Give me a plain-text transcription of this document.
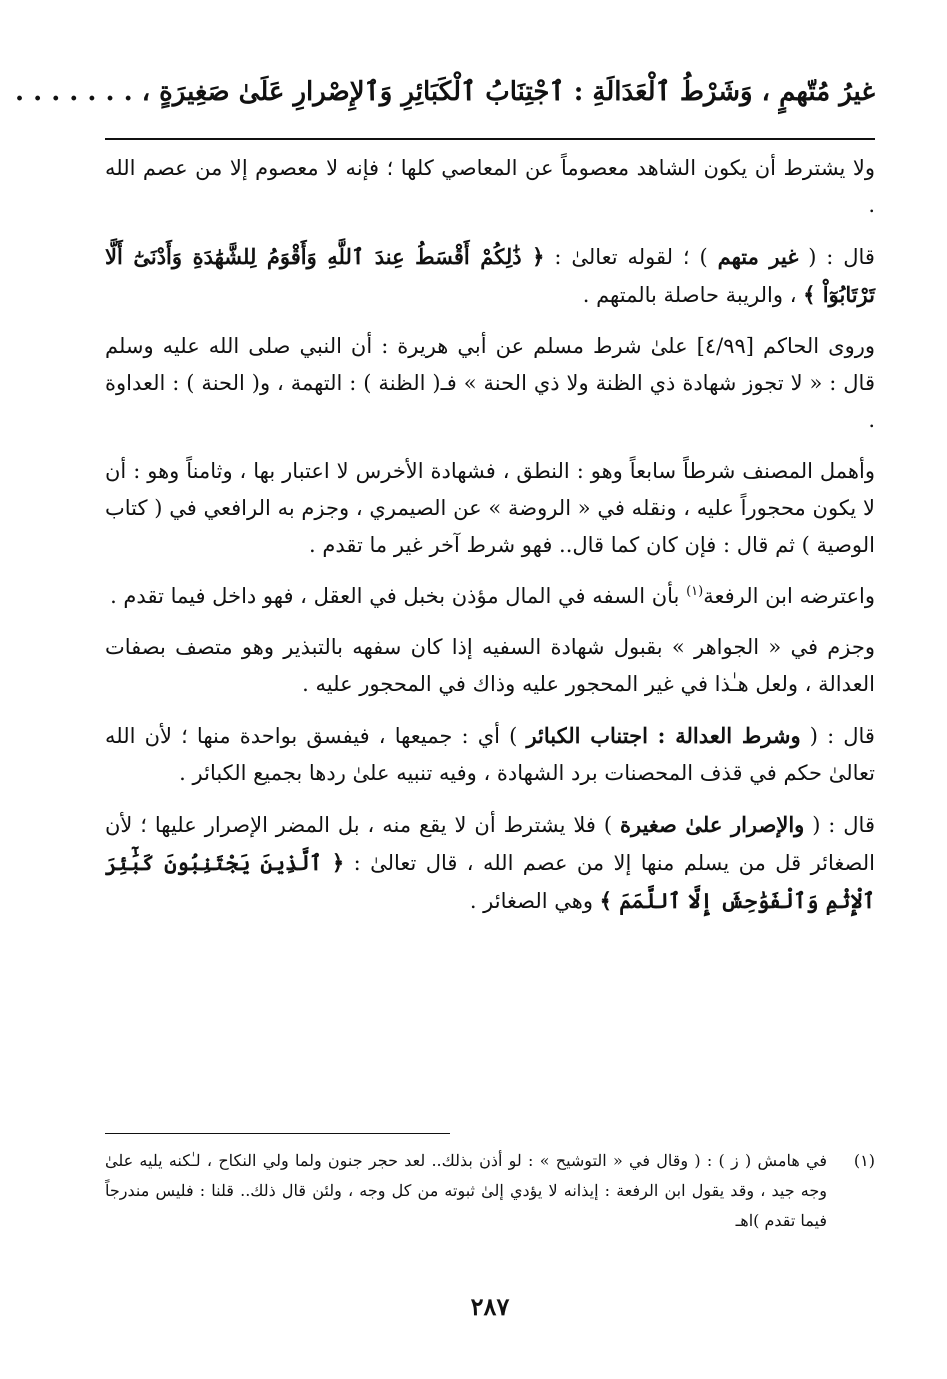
غيرُ مُتّهمٍ ، وَشَرْطُ ٱلْعَدَالَةِ : ٱجْتِنَابُ ٱلْكَبَائِرِ وَٱلإِصْرارِ عَلَىٰ صَغِيرَةٍ ، . . . . . . .

ولا يشترط أن يكون الشاهد معصوماً عن المعاصي كلها ؛ فإنه لا معصوم إلا من عصم الله .

قال : ( غير متهم ) ؛ لقوله تعالىٰ : ﴿ ذَٰلِكُمْ أَقْسَطُ عِندَ ٱللَّهِ وَأَقْوَمُ لِلشَّهَٰدَةِ وَأَدْنَىٰٓ أَلَّا تَرْتَابُوٓاْ ﴾ ، والريبة حاصلة بالمتهم .

وروى الحاكم [٤/٩٩] علىٰ شرط مسلم عن أبي هريرة : أن النبي صلى الله عليه وسلم قال : « لا تجوز شهادة ذي الظنة ولا ذي الحنة » فـ( الظنة ) : التهمة ، و( الحنة ) : العداوة .

وأهمل المصنف شرطاً سابعاً وهو : النطق ، فشهادة الأخرس لا اعتبار بها ، وثامناً وهو : أن لا يكون محجوراً عليه ، ونقله في « الروضة » عن الصيمري ، وجزم به الرافعي في ( كتاب الوصية ) ثم قال : فإن كان كما قال.. فهو شرط آخر غير ما تقدم .

واعترضه ابن الرفعة$^{(١)}$ بأن السفه في المال مؤذن بخبل في العقل ، فهو داخل فيما تقدم .

وجزم في « الجواهر » بقبول شهادة السفيه إذا كان سفهه بالتبذير وهو متصف بصفات العدالة ، ولعل هـٰذا في غير المحجور عليه وذاك في المحجور عليه .

قال : ( وشرط العدالة : اجتناب الكبائر ) أي : جميعها ، فيفسق بواحدة منها ؛ لأن الله تعالىٰ حكم في قذف المحصنات برد الشهادة ، وفيه تنبيه علىٰ ردها بجميع الكبائر .

قال : ( والإصرار علىٰ صغيرة ) فلا يشترط أن لا يقع منه ، بل المضر الإصرار عليها ؛ لأن الصغائر قل من يسلم منها إلا من عصم الله ، قال تعالىٰ : ﴿ ٱلَّذِينَ يَجْتَنِبُونَ كَبَٰٓئِرَ ٱلْإِثْمِ وَٱلْفَوَٰحِشَ إِلَّا ٱللَّمَمَ ﴾ وهي الصغائر .

(١)
في هامش ( ز ) : ( وقال في « التوشيح » : لو أذن بذلك.. لعد حجر جنون ولما ولي النكاح ، لـٰكنه يليه علىٰ وجه جيد ، وقد يقول ابن الرفعة : إيذانه لا يؤدي إلىٰ ثبوته من كل وجه ، ولئن قال ذلك.. قلنا : فليس مندرجاً فيما تقدم )اهـ
٢٨٧
